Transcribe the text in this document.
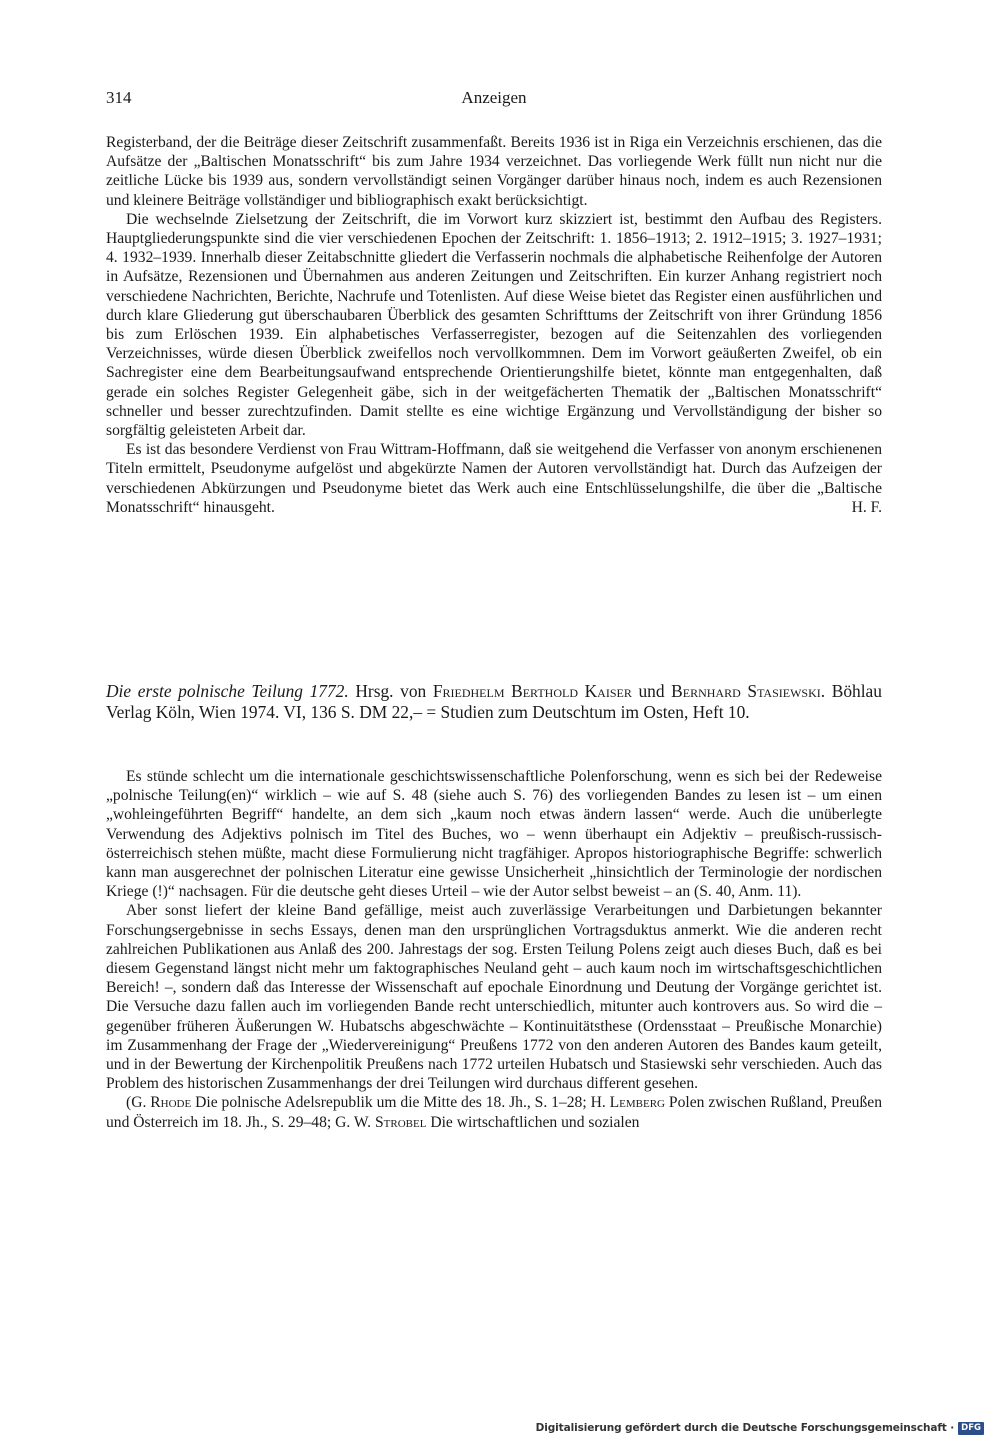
314	Anzeigen

Registerband, der die Beiträge dieser Zeitschrift zusammenfaßt. Bereits 1936 ist in Riga ein Verzeichnis erschienen, das die Aufsätze der „Baltischen Monatsschrift“ bis zum Jahre 1934 verzeichnet. Das vorliegende Werk füllt nun nicht nur die zeitliche Lücke bis 1939 aus, sondern vervollständigt seinen Vorgänger darüber hinaus noch, indem es auch Rezensionen und kleinere Beiträge vollständiger und bibliographisch exakt berücksichtigt.

Die wechselnde Zielsetzung der Zeitschrift, die im Vorwort kurz skizziert ist, bestimmt den Aufbau des Registers. Hauptgliederungspunkte sind die vier verschiedenen Epochen der Zeitschrift: 1. 1856–1913; 2. 1912–1915; 3. 1927–1931; 4. 1932–1939. Innerhalb dieser Zeitabschnitte gliedert die Verfasserin nochmals die alphabetische Reihenfolge der Autoren in Aufsätze, Rezensionen und Übernahmen aus anderen Zeitungen und Zeitschriften. Ein kurzer Anhang registriert noch verschiedene Nachrichten, Berichte, Nachrufe und Totenlisten. Auf diese Weise bietet das Register einen ausführlichen und durch klare Gliederung gut überschaubaren Überblick des gesamten Schrifttums der Zeitschrift von ihrer Gründung 1856 bis zum Erlöschen 1939. Ein alphabetisches Verfasserregister, bezogen auf die Seitenzahlen des vorliegenden Verzeichnisses, würde diesen Überblick zweifellos noch vervollkommnen. Dem im Vorwort geäußerten Zweifel, ob ein Sachregister eine dem Bearbeitungsaufwand entsprechende Orientierungshilfe bietet, könnte man entgegenhalten, daß gerade ein solches Register Gelegenheit gäbe, sich in der weitgefächerten Thematik der „Baltischen Monatsschrift“ schneller und besser zurechtzufinden. Damit stellte es eine wichtige Ergänzung und Vervollständigung der bisher so sorgfältig geleisteten Arbeit dar.

Es ist das besondere Verdienst von Frau Wittram-Hoffmann, daß sie weitgehend die Verfasser von anonym erschienenen Titeln ermittelt, Pseudonyme aufgelöst und abgekürzte Namen der Autoren vervollständigt hat. Durch das Aufzeigen der verschiedenen Abkürzungen und Pseudonyme bietet das Werk auch eine Entschlüsselungshilfe, die über die „Baltische Monatsschrift“ hinausgeht.	H. F.

Die erste polnische Teilung 1772. Hrsg. von Friedhelm Berthold Kaiser und Bernhard Stasiewski. Böhlau Verlag Köln, Wien 1974. VI, 136 S. DM 22,– = Studien zum Deutschtum im Osten, Heft 10.

Es stünde schlecht um die internationale geschichtswissenschaftliche Polenforschung, wenn es sich bei der Redeweise „polnische Teilung(en)“ wirklich – wie auf S. 48 (siehe auch S. 76) des vorliegenden Bandes zu lesen ist – um einen „wohleingeführten Begriff“ handelte, an dem sich „kaum noch etwas ändern lassen“ werde. Auch die unüberlegte Verwendung des Adjektivs polnisch im Titel des Buches, wo – wenn überhaupt ein Adjektiv – preußisch-russisch-österreichisch stehen müßte, macht diese Formulierung nicht tragfähiger. Apropos historiographische Begriffe: schwerlich kann man ausgerechnet der polnischen Literatur eine gewisse Unsicherheit „hinsichtlich der Terminologie der nordischen Kriege (!)“ nachsagen. Für die deutsche geht dieses Urteil – wie der Autor selbst beweist – an (S. 40, Anm. 11).

Aber sonst liefert der kleine Band gefällige, meist auch zuverlässige Verarbeitungen und Darbietungen bekannter Forschungsergebnisse in sechs Essays, denen man den ursprünglichen Vortragsduktus anmerkt. Wie die anderen recht zahlreichen Publikationen aus Anlaß des 200. Jahrestags der sog. Ersten Teilung Polens zeigt auch dieses Buch, daß es bei diesem Gegenstand längst nicht mehr um faktographisches Neuland geht – auch kaum noch im wirtschaftsgeschichtlichen Bereich! –, sondern daß das Interesse der Wissenschaft auf epochale Einordnung und Deutung der Vorgänge gerichtet ist. Die Versuche dazu fallen auch im vorliegenden Bande recht unterschiedlich, mitunter auch kontrovers aus. So wird die – gegenüber früheren Äußerungen W. Hubatschs abgeschwächte – Kontinuitätsthese (Ordensstaat – Preußische Monarchie) im Zusammenhang der Frage der „Wiedervereinigung“ Preußens 1772 von den anderen Autoren des Bandes kaum geteilt, und in der Bewertung der Kirchenpolitik Preußens nach 1772 urteilen Hubatsch und Stasiewski sehr verschieden. Auch das Problem des historischen Zusammenhangs der drei Teilungen wird durchaus different gesehen.

(G. Rhode Die polnische Adelsrepublik um die Mitte des 18. Jh., S. 1–28; H. Lemberg Polen zwischen Rußland, Preußen und Österreich im 18. Jh., S. 29–48; G. W. Strobel Die wirtschaftlichen und sozialen

Digitalisierung gefördert durch die Deutsche Forschungsgemeinschaft · DFG
